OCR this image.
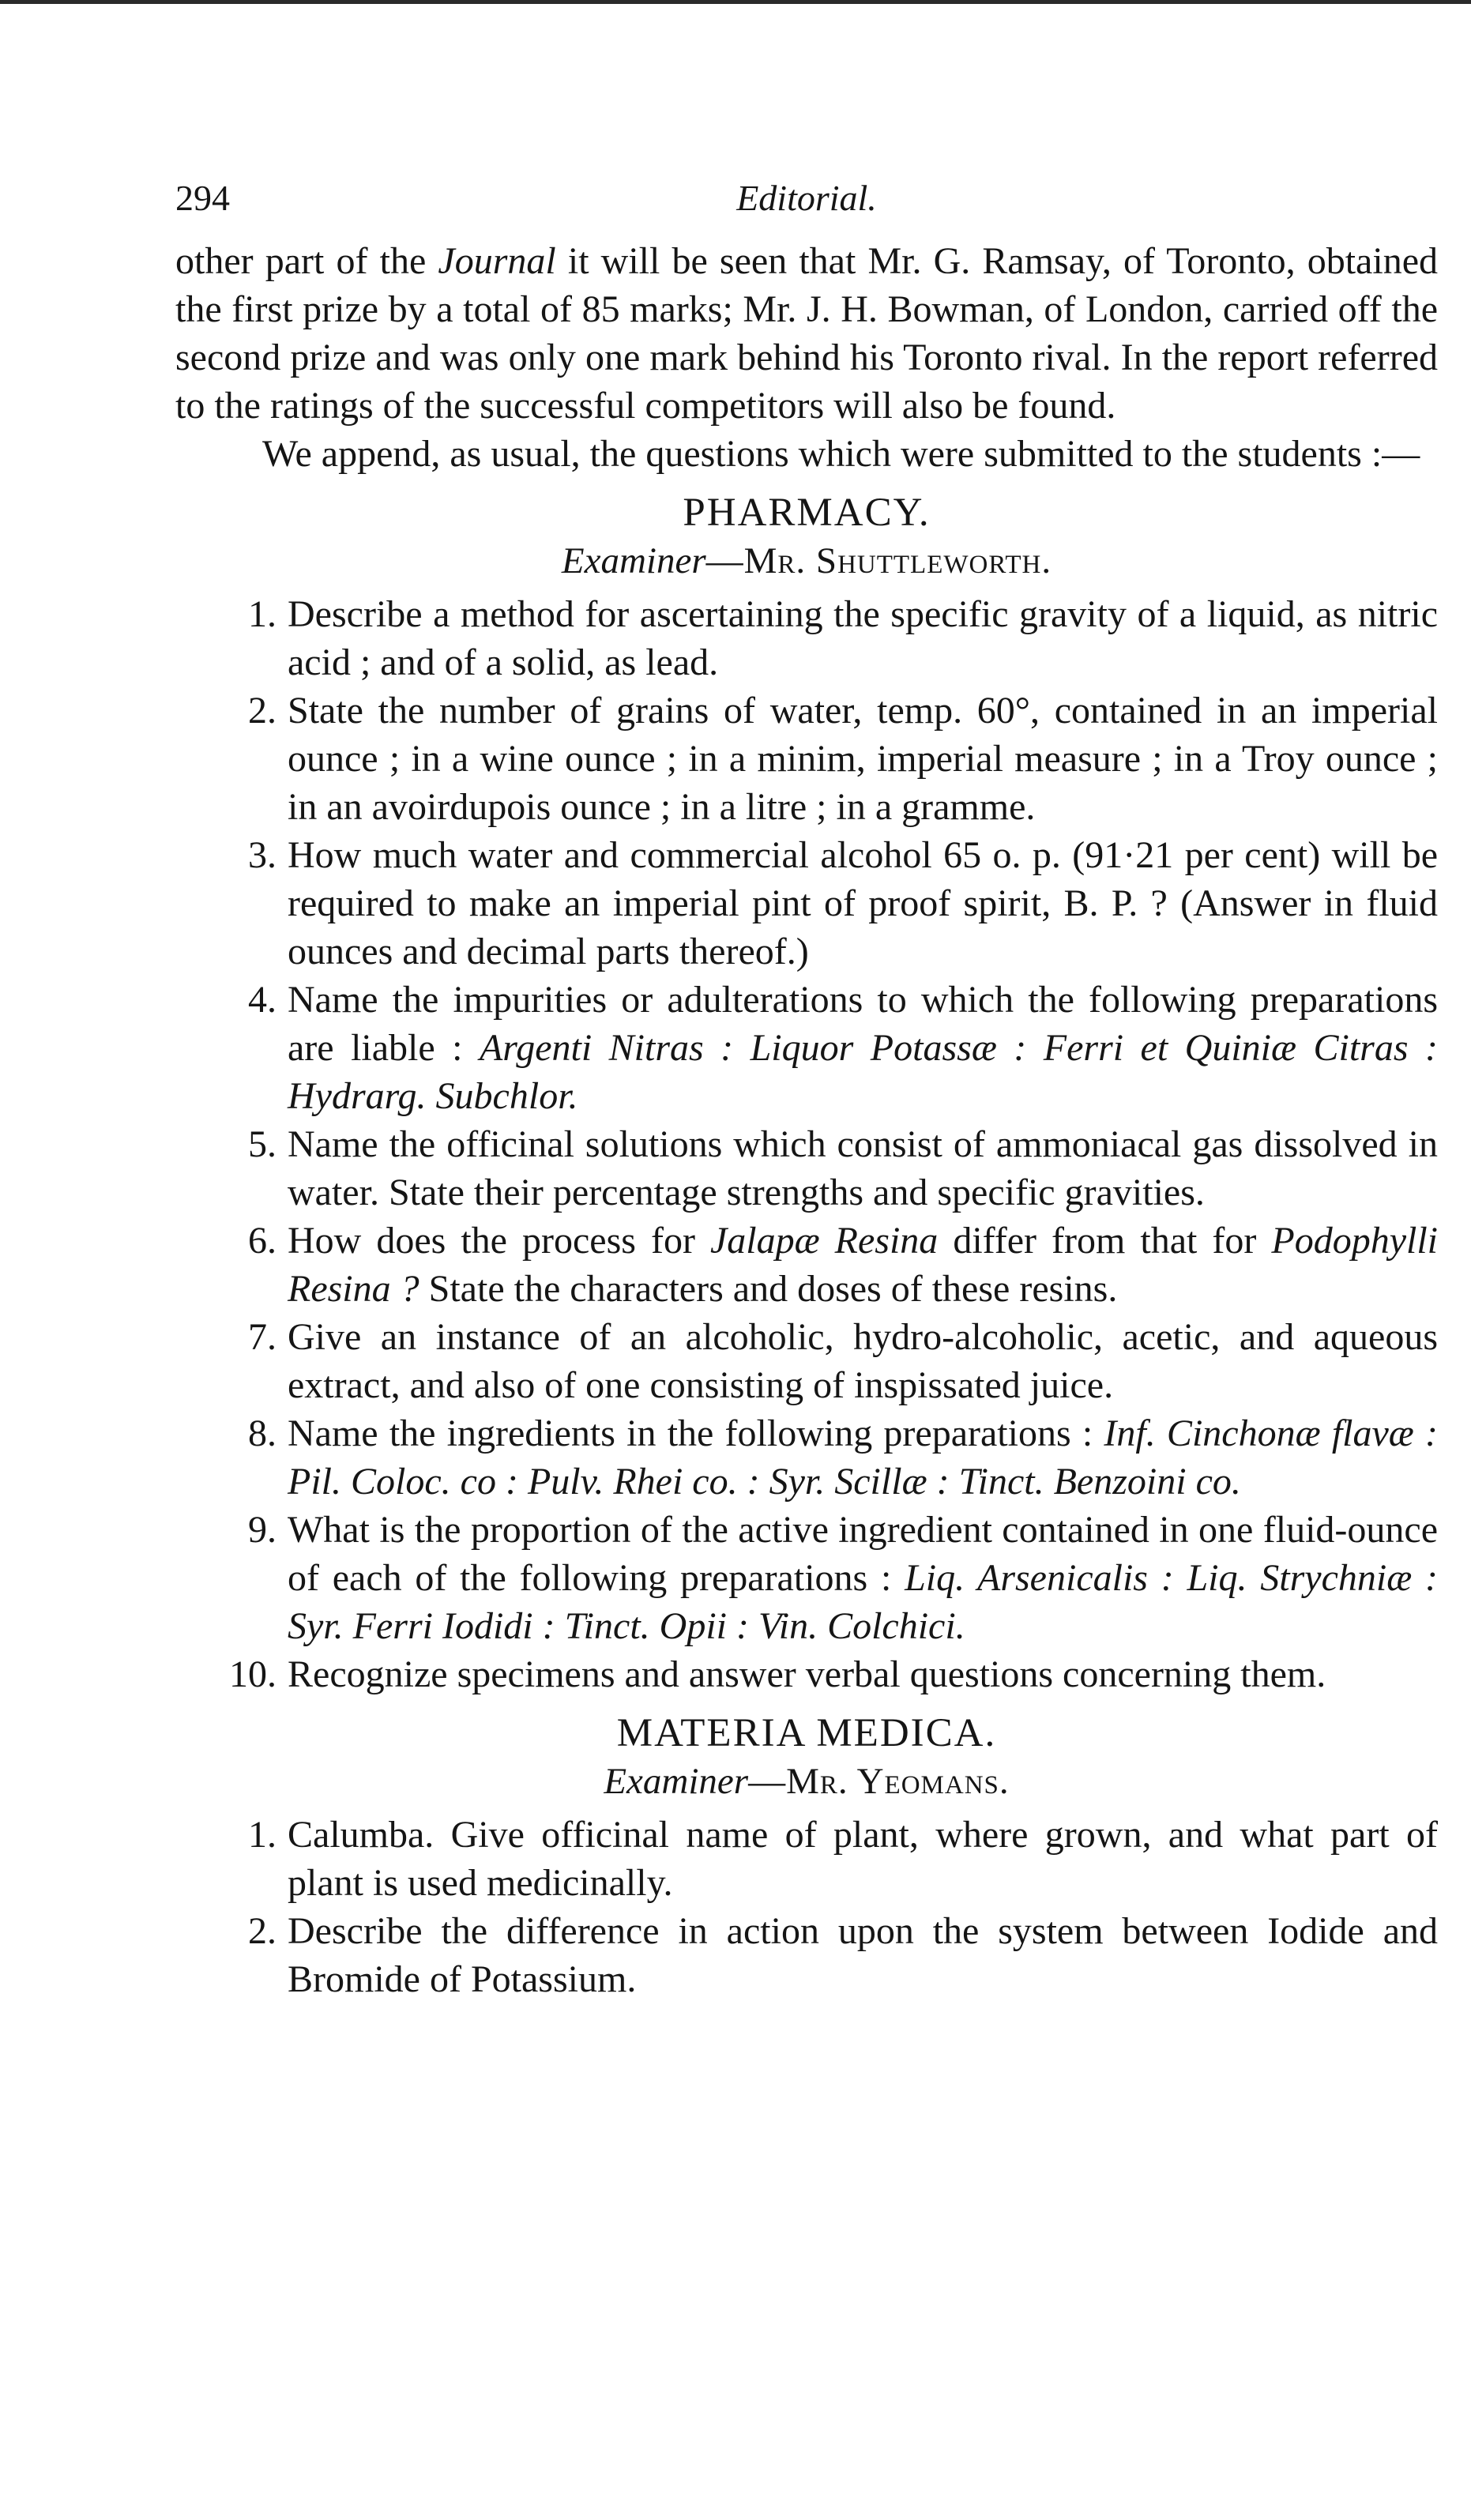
294	Editorial.

other part of the Journal it will be seen that Mr. G. Ramsay, of Toronto, obtained the first prize by a total of 85 marks; Mr. J. H. Bowman, of London, carried off the second prize and was only one mark behind his Toronto rival. In the report referred to the ratings of the successful competitors will also be found.

We append, as usual, the questions which were submitted to the students :—

PHARMACY.
Examiner—Mr. Shuttleworth.
1. Describe a method for ascertaining the specific gravity of a liquid, as nitric acid ; and of a solid, as lead.
2. State the number of grains of water, temp. 60°, contained in an imperial ounce ; in a wine ounce ; in a minim, imperial measure ; in a Troy ounce ; in an avoirdupois ounce ; in a litre ; in a gramme.
3. How much water and commercial alcohol 65 o. p. (91·21 per cent) will be required to make an imperial pint of proof spirit, B. P. ? (Answer in fluid ounces and decimal parts thereof.)
4. Name the impurities or adulterations to which the following preparations are liable : Argenti Nitras : Liquor Potassæ : Ferri et Quiniæ Citras : Hydrarg. Subchlor.
5. Name the officinal solutions which consist of ammoniacal gas dissolved in water. State their percentage strengths and specific gravities.
6. How does the process for Jalapæ Resina differ from that for Podophylli Resina ? State the characters and doses of these resins.
7. Give an instance of an alcoholic, hydro-alcoholic, acetic, and aqueous extract, and also of one consisting of inspissated juice.
8. Name the ingredients in the following preparations : Inf. Cinchonæ flavæ : Pil. Coloc. co : Pulv. Rhei co. : Syr. Scillæ : Tinct. Benzoini co.
9. What is the proportion of the active ingredient contained in one fluid-ounce of each of the following preparations : Liq. Arsenicalis : Liq. Strychniæ : Syr. Ferri Iodidi : Tinct. Opii : Vin. Colchici.
10. Recognize specimens and answer verbal questions concerning them.
MATERIA MEDICA.
Examiner—Mr. Yeomans.
1. Calumba. Give officinal name of plant, where grown, and what part of plant is used medicinally.
2. Describe the difference in action upon the system between Iodide and Bromide of Potassium.
